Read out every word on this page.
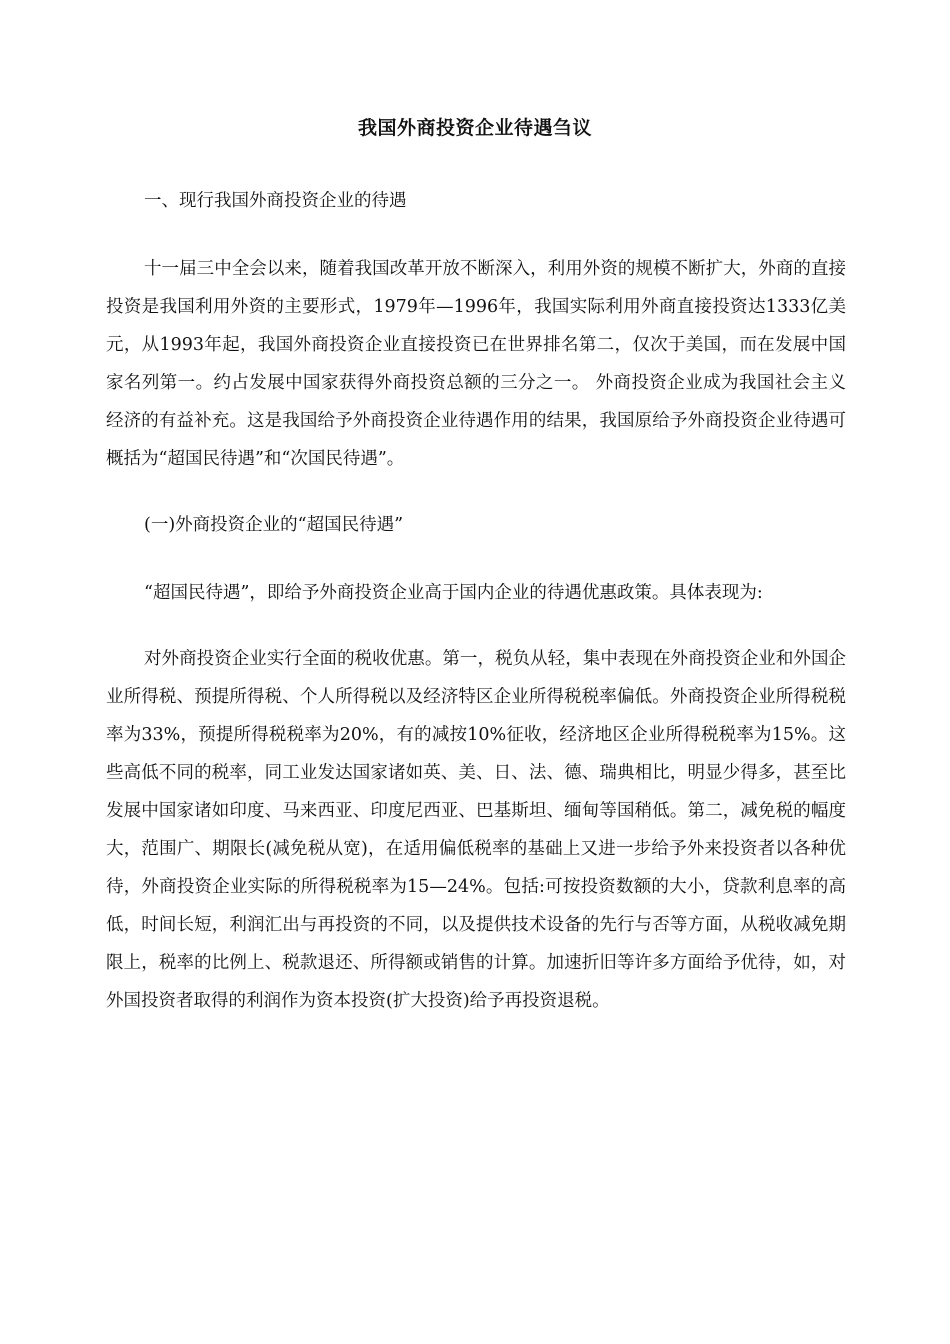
我国外商投资企业待遇刍议

一、现行我国外商投资企业的待遇

十一届三中全会以来，随着我国改革开放不断深入，利用外资的规模不断扩大，外商的直接投资是我国利用外资的主要形式，1979年—1996年，我国实际利用外商直接投资达1333亿美元，从1993年起，我国外商投资企业直接投资已在世界排名第二，仅次于美国，而在发展中国家名列第一。约占发展中国家获得外商投资总额的三分之一。 外商投资企业成为我国社会主义经济的有益补充。这是我国给予外商投资企业待遇作用的结果，我国原给予外商投资企业待遇可概括为“超国民待遇”和“次国民待遇”。

(一)外商投资企业的“超国民待遇”

“超国民待遇”，即给予外商投资企业高于国内企业的待遇优惠政策。具体表现为:

对外商投资企业实行全面的税收优惠。第一，税负从轻，集中表现在外商投资企业和外国企业所得税、预提所得税、个人所得税以及经济特区企业所得税税率偏低。外商投资企业所得税税率为33%，预提所得税税率为20%，有的减按10%征收，经济地区企业所得税税率为15%。这些高低不同的税率，同工业发达国家诸如英、美、日、法、德、瑞典相比，明显少得多，甚至比发展中国家诸如印度、马来西亚、印度尼西亚、巴基斯坦、缅甸等国稍低。第二，减免税的幅度大，范围广、期限长(减免税从宽)，在适用偏低税率的基础上又进一步给予外来投资者以各种优待，外商投资企业实际的所得税税率为15—24%。包括:可按投资数额的大小，贷款利息率的高低，时间长短，利润汇出与再投资的不同，以及提供技术设备的先行与否等方面，从税收减免期限上，税率的比例上、税款退还、所得额或销售的计算。加速折旧等许多方面给予优待，如，对外国投资者取得的利润作为资本投资(扩大投资)给予再投资退税。
